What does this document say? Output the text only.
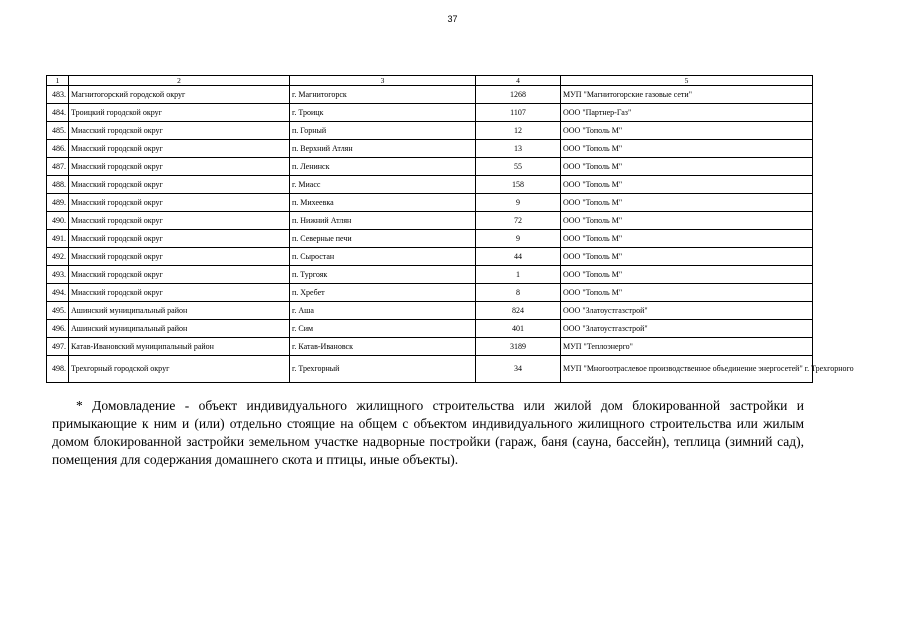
37
1	2	3	4	5
483.	Магнитогорский городской округ	г. Магнитогорск	1268	МУП "Магнитогорские газовые сети"
484.	Троицкий городской округ	г. Троицк	1107	ООО "Партнер-Газ"
485.	Миасский городской округ	п. Горный	12	ООО "Тополь М"
486.	Миасский городской округ	п. Верхний Атлян	13	ООО "Тополь М"
487.	Миасский городской округ	п. Ленинск	55	ООО "Тополь М"
488.	Миасский городской округ	г. Миасс	158	ООО "Тополь М"
489.	Миасский городской округ	п. Михеевка	9	ООО "Тополь М"
490.	Миасский городской округ	п. Нижний Атлян	72	ООО "Тополь М"
491.	Миасский городской округ	п. Северные печи	9	ООО "Тополь М"
492.	Миасский городской округ	п. Сыростан	44	ООО "Тополь М"
493.	Миасский городской округ	п. Тургояк	1	ООО "Тополь М"
494.	Миасский городской округ	п. Хребет	8	ООО "Тополь М"
495.	Ашинский муниципальный район	г. Аша	824	ООО "Златоустгазстрой"
496.	Ашинский муниципальный район	г. Сим	401	ООО "Златоустгазстрой"
497.	Катав-Ивановский муниципальный район	г. Катав-Ивановск	3189	МУП "Теплоэнерго"
498.	Трехгорный городской округ	г. Трехгорный	34	МУП "Многоотраслевое производственное объединение энергосетей" г. Трехгорного

* Домовладение - объект индивидуального жилищного строительства или жилой дом блокированной застройки и примыкающие к ним и (или) отдельно стоящие на общем с объектом индивидуального жилищного строительства или жилым домом блокированной застройки земельном участке надворные постройки (гараж, баня (сауна, бассейн), теплица (зимний сад), помещения для содержания домашнего скота и птицы, иные объекты).
